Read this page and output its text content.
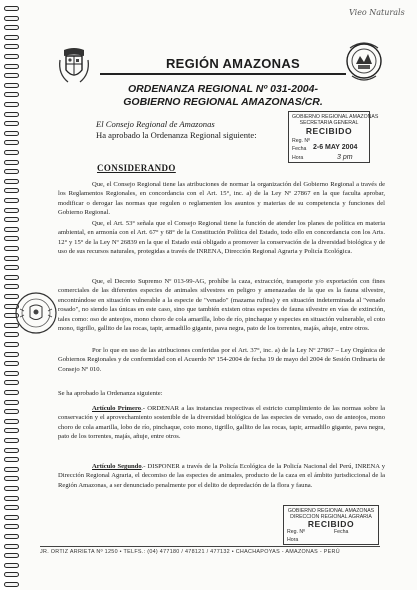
Vieo Naturals
REGIÓN AMAZONAS
ORDENANZA REGIONAL Nº 031-2004-
GOBIERNO REGIONAL AMAZONAS/CR.
El Consejo Regional de Amazonas
Ha aprobado la Ordenanza Regional siguiente:
GOBIERNO REGIONAL AMAZONAS
SECRETARIA GENERAL
RECIBIDO
Reg. Nº
Fecha 2-6 MAY 2004
Hora	3 pm
CONSIDERANDO
Que, el Consejo Regional tiene las atribuciones de normar la organización del Gobierno Regional a través de los Reglamentos Regionales, en concordancia con el Art. 15°, inc. a) de la Ley Nº 27867 en la que faculta aprobar, modificar o derogar las normas que regulen o reglamenten los asuntos y materias de su competencia y funciones del Gobierno Regional.
Que, el Art. 53° señala que el Consejo Regional tiene la función de atender los planes de política en materia ambiental, en armonía con el Art. 67° y 68° de la Constitución Política del Estado, todo ello en concordancia con los Arts. 12° y 15° de la Ley Nº 26839 en la que el Estado está obligado a promover la conservación de la diversidad biológica y de uso de sus recursos naturales, protegidas a través de INRENA, Dirección Regional Agraria y Policía Ecológica.
Que, el Decreto Supremo Nº 013-99-AG, prohíbe la caza, extracción, transporte y/o exportación con fines comerciales de las diferentes especies de animales silvestres en peligro y amenazadas de la que es la fauna silvestre, encontrándose en situación vulnerable a la especie de "venado" (mazama rufina) y en situación indeterminada al "venado rosado", no siendo las únicas en este caso, sino que también existen otras especies de fauna silvestre en vías de extinción, tales como: oso de anteojos, mono choro de cola amarilla, lobo de río, pinchaque y especies en situación vulnerable, el coto mono, tigrillo, gallito de las rocas, tapir, armadillo gigante, pava negra, pato de los torrentes, majás, añuje, entre otros.
Por lo que en uso de las atribuciones conferidas por el Art. 37°, inc. a) de la Ley Nº 27867 – Ley Orgánica de Gobiernos Regionales y de conformidad con el Acuerdo Nº 154-2004 de fecha 19 de mayo del 2004 de Sesión Ordinaria de Consejo Nº 010.
Se ha aprobado la Ordenanza siguiente:
Artículo Primero.- ORDENAR a las instancias respectivas el estricto cumplimiento de las normas sobre la conservación y el aprovechamiento sostenible de la diversidad biológica de las especies de venado, oso de anteojos, mono choro de cola amarilla, lobo de río, pinchaque, coto mono, tigrillo, gallito de las rocas, tapir, armadillo gigante, pava negra, pato de los torrentes, majás, añuje, entre otros.
Artículo Segundo.- DISPONER a través de la Policía Ecológica de la Policía Nacional del Perú, INRENA y Dirección Regional Agraria, el decomiso de las especies de animales, producto de la caza en el ámbito jurisdiccional de la Región Amazonas, a ser denunciado penalmente por el delito de depredación de la flora y fauna.
GOBIERNO REGIONAL AMAZONAS
DIRECCION REGIONAL AGRARIA
RECIBIDO
Reg. Nº	Fecha
Hora
JR. ORTIZ ARRIETA Nº 1250 • TELFS.: (04) 477180 / 478121 / 477132 • CHACHAPOYAS - AMAZONAS - PERÚ
